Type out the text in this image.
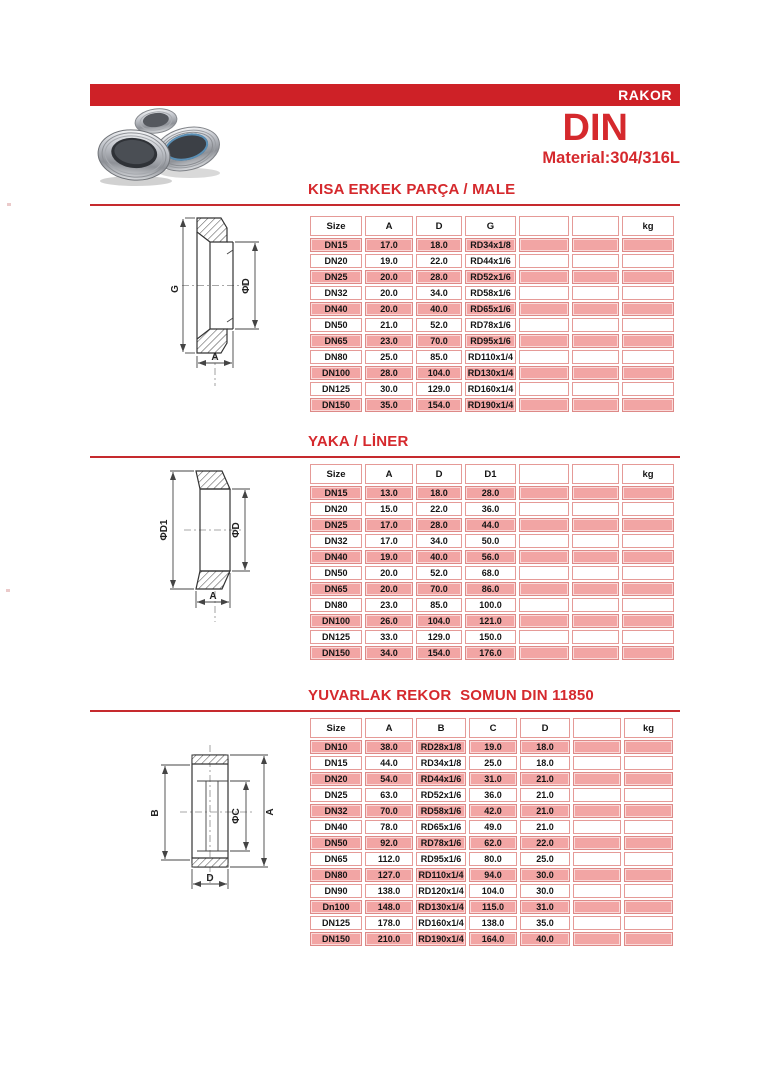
RAKOR
DIN
Material:304/316L
KISA ERKEK PARÇA / MALE
G	ΦD
A
Size	A	D	G			kg
DN15	17.0	18.0	RD34x1/8			
DN20	19.0	22.0	RD44x1/6			
DN25	20.0	28.0	RD52x1/6			
DN32	20.0	34.0	RD58x1/6			
DN40	20.0	40.0	RD65x1/6			
DN50	21.0	52.0	RD78x1/6			
DN65	23.0	70.0	RD95x1/6			
DN80	25.0	85.0	RD110x1/4			
DN100	28.0	104.0	RD130x1/4			
DN125	30.0	129.0	RD160x1/4			
DN150	35.0	154.0	RD190x1/4			
YAKA / LİNER
ΦD1	ΦD
A
Size	A	D	D1			kg
DN15	13.0	18.0	28.0			
DN20	15.0	22.0	36.0			
DN25	17.0	28.0	44.0			
DN32	17.0	34.0	50.0			
DN40	19.0	40.0	56.0			
DN50	20.0	52.0	68.0			
DN65	20.0	70.0	86.0			
DN80	23.0	85.0	100.0			
DN100	26.0	104.0	121.0			
DN125	33.0	129.0	150.0			
DN150	34.0	154.0	176.0			
YUVARLAK REKOR  SOMUN DIN 11850
B	ΦC A
D
Size	A	B	C	D		kg
DN10	38.0	RD28x1/8	19.0	18.0		
DN15	44.0	RD34x1/8	25.0	18.0		
DN20	54.0	RD44x1/6	31.0	21.0		
DN25	63.0	RD52x1/6	36.0	21.0		
DN32	70.0	RD58x1/6	42.0	21.0		
DN40	78.0	RD65x1/6	49.0	21.0		
DN50	92.0	RD78x1/6	62.0	22.0		
DN65	112.0	RD95x1/6	80.0	25.0		
DN80	127.0	RD110x1/4	94.0	30.0		
DN90	138.0	RD120x1/4	104.0	30.0		
Dn100	148.0	RD130x1/4	115.0	31.0		
DN125	178.0	RD160x1/4	138.0	35.0		
DN150	210.0	RD190x1/4	164.0	40.0		
